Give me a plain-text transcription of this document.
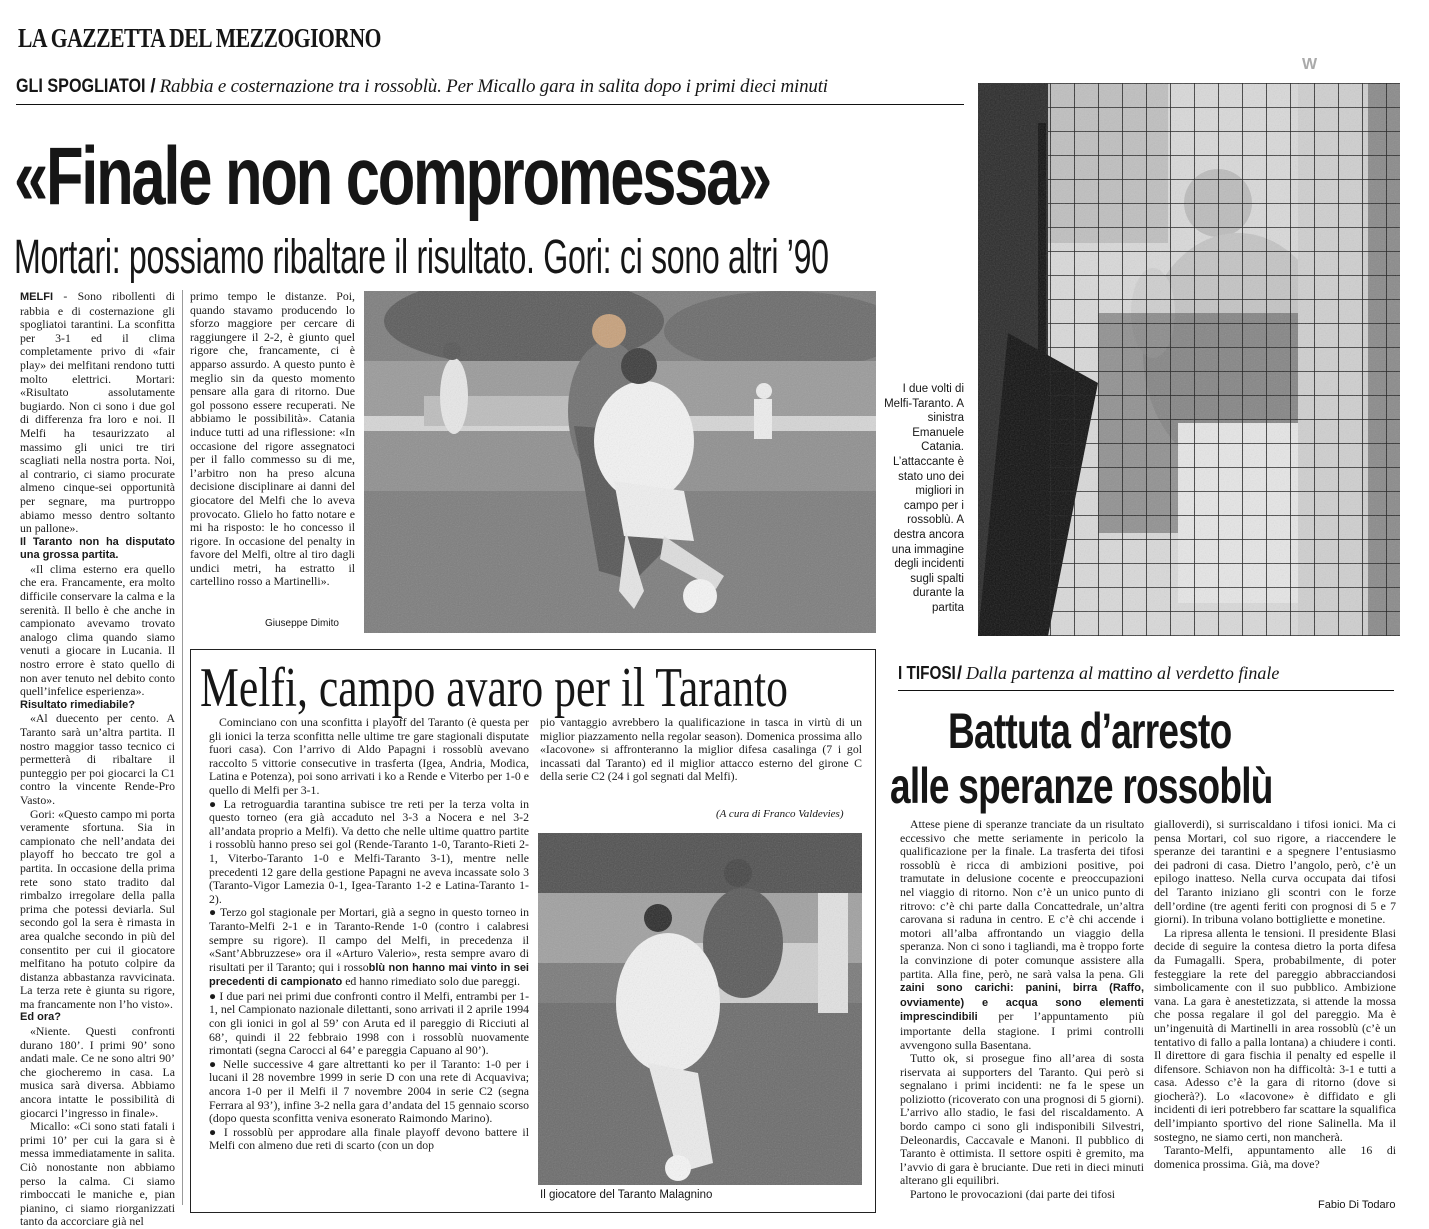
LA GAZZETTA DEL MEZZOGIORNO
W
GLI SPOGLIATOI / Rabbia e costernazione tra i rossoblù. Per Micallo gara in salita dopo i primi dieci minuti
«Finale non compromessa»
Mortari: possiamo ribaltare il risultato. Gori: ci sono altri ’90

MELFI - Sono ribollenti di rabbia e di costernazione gli spogliatoi tarantini. La sconfitta per 3-1 ed il clima completamente privo di «fair play» dei melfitani rendono tutti molto elettrici. Mortari: «Risultato assolutamente bugiardo. Non ci sono i due gol di differenza fra loro e noi. Il Melfi ha tesaurizzato al massimo gli unici tre tiri scagliati nella nostra porta. Noi, al contrario, ci siamo procurate almeno cinque-sei opportunità per segnare, ma purtroppo abiamo messo dentro soltanto un pallone».

Il Taranto non ha disputato una grossa partita.

«Il clima esterno era quello che era. Francamente, era molto difficile conservare la calma e la serenità. Il bello è che anche in campionato avevamo trovato analogo clima quando siamo venuti a giocare in Lucania. Il nostro errore è stato quello di non aver tenuto nel debito conto quell’infelice esperienza».

Risultato rimediabile?

«Al duecento per cento. A Taranto sarà un’altra partita. Il nostro maggior tasso tecnico ci permetterà di ribaltare il punteggio per poi giocarci la C1 contro la vincente Rende-Pro Vasto».

Gori: «Questo campo mi porta veramente sfortuna. Sia in campionato che nell’andata dei playoff ho beccato tre gol a partita. In occasione della prima rete sono stato tradito dal rimbalzo irregolare della palla prima che potessi deviarla. Sul secondo gol la sera è rimasta in area qualche secondo in più del consentito per cui il giocatore melfitano ha potuto colpire da distanza abbastanza ravvicinata. La terza rete è giunta su rigore, ma francamente non l’ho visto».

Ed ora?

«Niente. Questi confronti durano 180’. I primi 90’ sono andati male. Ce ne sono altri 90’ che giocheremo in casa. La musica sarà diversa. Abbiamo ancora intatte le possibilità di giocarci l’ingresso in finale».

Micallo: «Ci sono stati fatali i primi 10’ per cui la gara si è messa immediatamente in salita. Ciò nonostante non abbiamo perso la calma. Ci siamo rimboccati le maniche e, pian pianino, ci siamo riorganizzati tanto da accorciare già nel

primo tempo le distanze. Poi, quando stavamo producendo lo sforzo maggiore per cercare di raggiungere il 2-2, è giunto quel rigore che, francamente, ci è apparso assurdo. A questo punto è meglio sin da questo momento pensare alla gara di ritorno. Due gol possono essere recuperati. Ne abbiamo le possibilità». Catania induce tutti ad una riflessione: «In occasione del rigore assegnatoci per il fallo commesso su di me, l’arbitro non ha preso alcuna decisione disciplinare ai danni del giocatore del Melfi che lo aveva provocato. Glielo ho fatto notare e mi ha risposto: le ho concesso il rigore. In occasione del penalty in favore del Melfi, oltre al tiro dagli undici metri, ha estratto il cartellino rosso a Martinelli».

Giuseppe Dimito
I due volti di Melfi-Taranto. A sinistra Emanuele Catania. L’attaccante è stato uno dei migliori in campo per i rossoblù. A destra ancora una immagine degli incidenti sugli spalti durante la partita
Melfi, campo avaro per il Taranto

Cominciano con una sconfitta i playoff del Taranto (è questa per gli ionici la terza sconfitta nelle ultime tre gare stagionali disputate fuori casa). Con l’arrivo di Aldo Papagni i rossoblù avevano raccolto 5 vittorie consecutive in trasferta (Igea, Andria, Modica, Latina e Potenza), poi sono arrivati i ko a Rende e Viterbo per 1-0 e quello di Melfi per 3-1.

● La retroguardia tarantina subisce tre reti per la terza volta in questo torneo (era già accaduto nel 3-3 a Nocera e nel 3-2 all’andata proprio a Melfi). Va detto che nelle ultime quattro partite i rossoblù hanno preso sei gol (Rende-Taranto 1-0, Taranto-Rieti 2-1, Viterbo-Taranto 1-0 e Melfi-Taranto 3-1), mentre nelle precedenti 12 gare della gestione Papagni ne aveva incassate solo 3 (Taranto-Vigor Lamezia 0-1, Igea-Taranto 1-2 e Latina-Taranto 1-2).

● Terzo gol stagionale per Mortari, già a segno in questo torneo in Taranto-Melfi 2-1 e in Taranto-Rende 1-0 (contro i calabresi sempre su rigore). Il campo del Melfi, in precedenza il «Sant’Abbruzzese» ora il «Arturo Valerio», resta sempre avaro di risultati per il Taranto; qui i rossoblù non hanno mai vinto in sei precedenti di campionato ed hanno rimediato solo due pareggi.

● I due pari nei primi due confronti contro il Melfi, entrambi per 1-1, nel Campionato nazionale dilettanti, sono arrivati il 2 aprile 1994 con gli ionici in gol al 59’ con Aruta ed il pareggio di Ricciuti al 68’, quindi il 22 febbraio 1998 con i rossoblù nuovamente rimontati (segna Carocci al 64’ e pareggia Capuano al 90’).

● Nelle successive 4 gare altrettanti ko per il Taranto: 1-0 per i lucani il 28 novembre 1999 in serie D con una rete di Acquaviva; ancora 1-0 per il Melfi il 7 novembre 2004 in serie C2 (segna Ferrara al 93’), infine 3-2 nella gara d’andata del 15 gennaio scorso (dopo questa sconfitta veniva esonerato Raimondo Marino).

● I rossoblù per approdare alla finale playoff devono battere il Melfi con almeno due reti di scarto (con un dop

pio vantaggio avrebbero la qualificazione in tasca in virtù di un miglior piazzamento nella regolar season). Domenica prossima allo «Iacovone» si affronteranno la miglior difesa casalinga (7 i gol incassati dal Taranto) ed il miglior attacco esterno del girone C della serie C2 (24 i gol segnati dal Melfi).

(A cura di Franco Valdevies)
Il giocatore del Taranto Malagnino
I TIFOSI/ Dalla partenza al mattino al verdetto finale
Battuta d’arresto
alle speranze rossoblù

Attese piene di speranze tranciate da un risultato eccessivo che mette seriamente in pericolo la qualificazione per la finale. La trasferta dei tifosi rossoblù è ricca di ambizioni positive, poi tramutate in delusione cocente e preoccupazioni nel viaggio di ritorno. Non c’è un unico punto di ritrovo: c’è chi parte dalla Concattedrale, un’altra carovana si raduna in centro. E c’è chi accende i motori all’alba affrontando un viaggio della speranza. Non ci sono i tagliandi, ma è troppo forte la convinzione di poter comunque assistere alla partita. Alla fine, però, ne sarà valsa la pena. Gli zaini sono carichi: panini, birra (Raffo, ovviamente) e acqua sono elementi imprescindibili per l’appuntamento più importante della stagione. I primi controlli avvengono sulla Basentana.

Tutto ok, si prosegue fino all’area di sosta riservata ai supporters del Taranto. Qui però si segnalano i primi incidenti: ne fa le spese un poliziotto (ricoverato con una prognosi di 5 giorni). L’arrivo allo stadio, le fasi del riscaldamento. A bordo campo ci sono gli indisponibili Silvestri, Deleonardis, Caccavale e Manoni. Il pubblico di Taranto è ottimista. Il settore ospiti è gremito, ma l’avvio di gara è bruciante. Due reti in dieci minuti alterano gli equilibri.

Partono le provocazioni (dai parte dei tifosi

gialloverdi), si surriscaldano i tifosi ionici. Ma ci pensa Mortari, col suo rigore, a riaccendere le speranze dei tarantini e a spegnere l’entusiasmo dei padroni di casa. Dietro l’angolo, però, c’è un epilogo inatteso. Nella curva occupata dai tifosi del Taranto iniziano gli scontri con le forze dell’ordine (tre agenti feriti con prognosi di 5 e 7 giorni). In tribuna volano bottigliette e monetine.

La ripresa allenta le tensioni. Il presidente Blasi decide di seguire la contesa dietro la porta difesa da Fumagalli. Spera, probabilmente, di poter festeggiare la rete del pareggio abbracciandosi simbolicamente con il suo pubblico. Ambizione vana. La gara è anestetizzata, si attende la mossa che possa regalare il gol del pareggio. Ma è un’ingenuità di Martinelli in area rossoblù (c’è un tentativo di fallo a palla lontana) a chiudere i conti. Il direttore di gara fischia il penalty ed espelle il difensore. Schiavon non ha difficoltà: 3-1 e tutti a casa. Adesso c’è la gara di ritorno (dove si giocherà?). Lo «Iacovone» è diffidato e gli incidenti di ieri potrebbero far scattare la squalifica dell’impianto sportivo del rione Salinella. Ma il sostegno, ne siamo certi, non mancherà.

Taranto-Melfi, appuntamento alle 16 di domenica prossima. Già, ma dove?

Fabio Di Todaro
